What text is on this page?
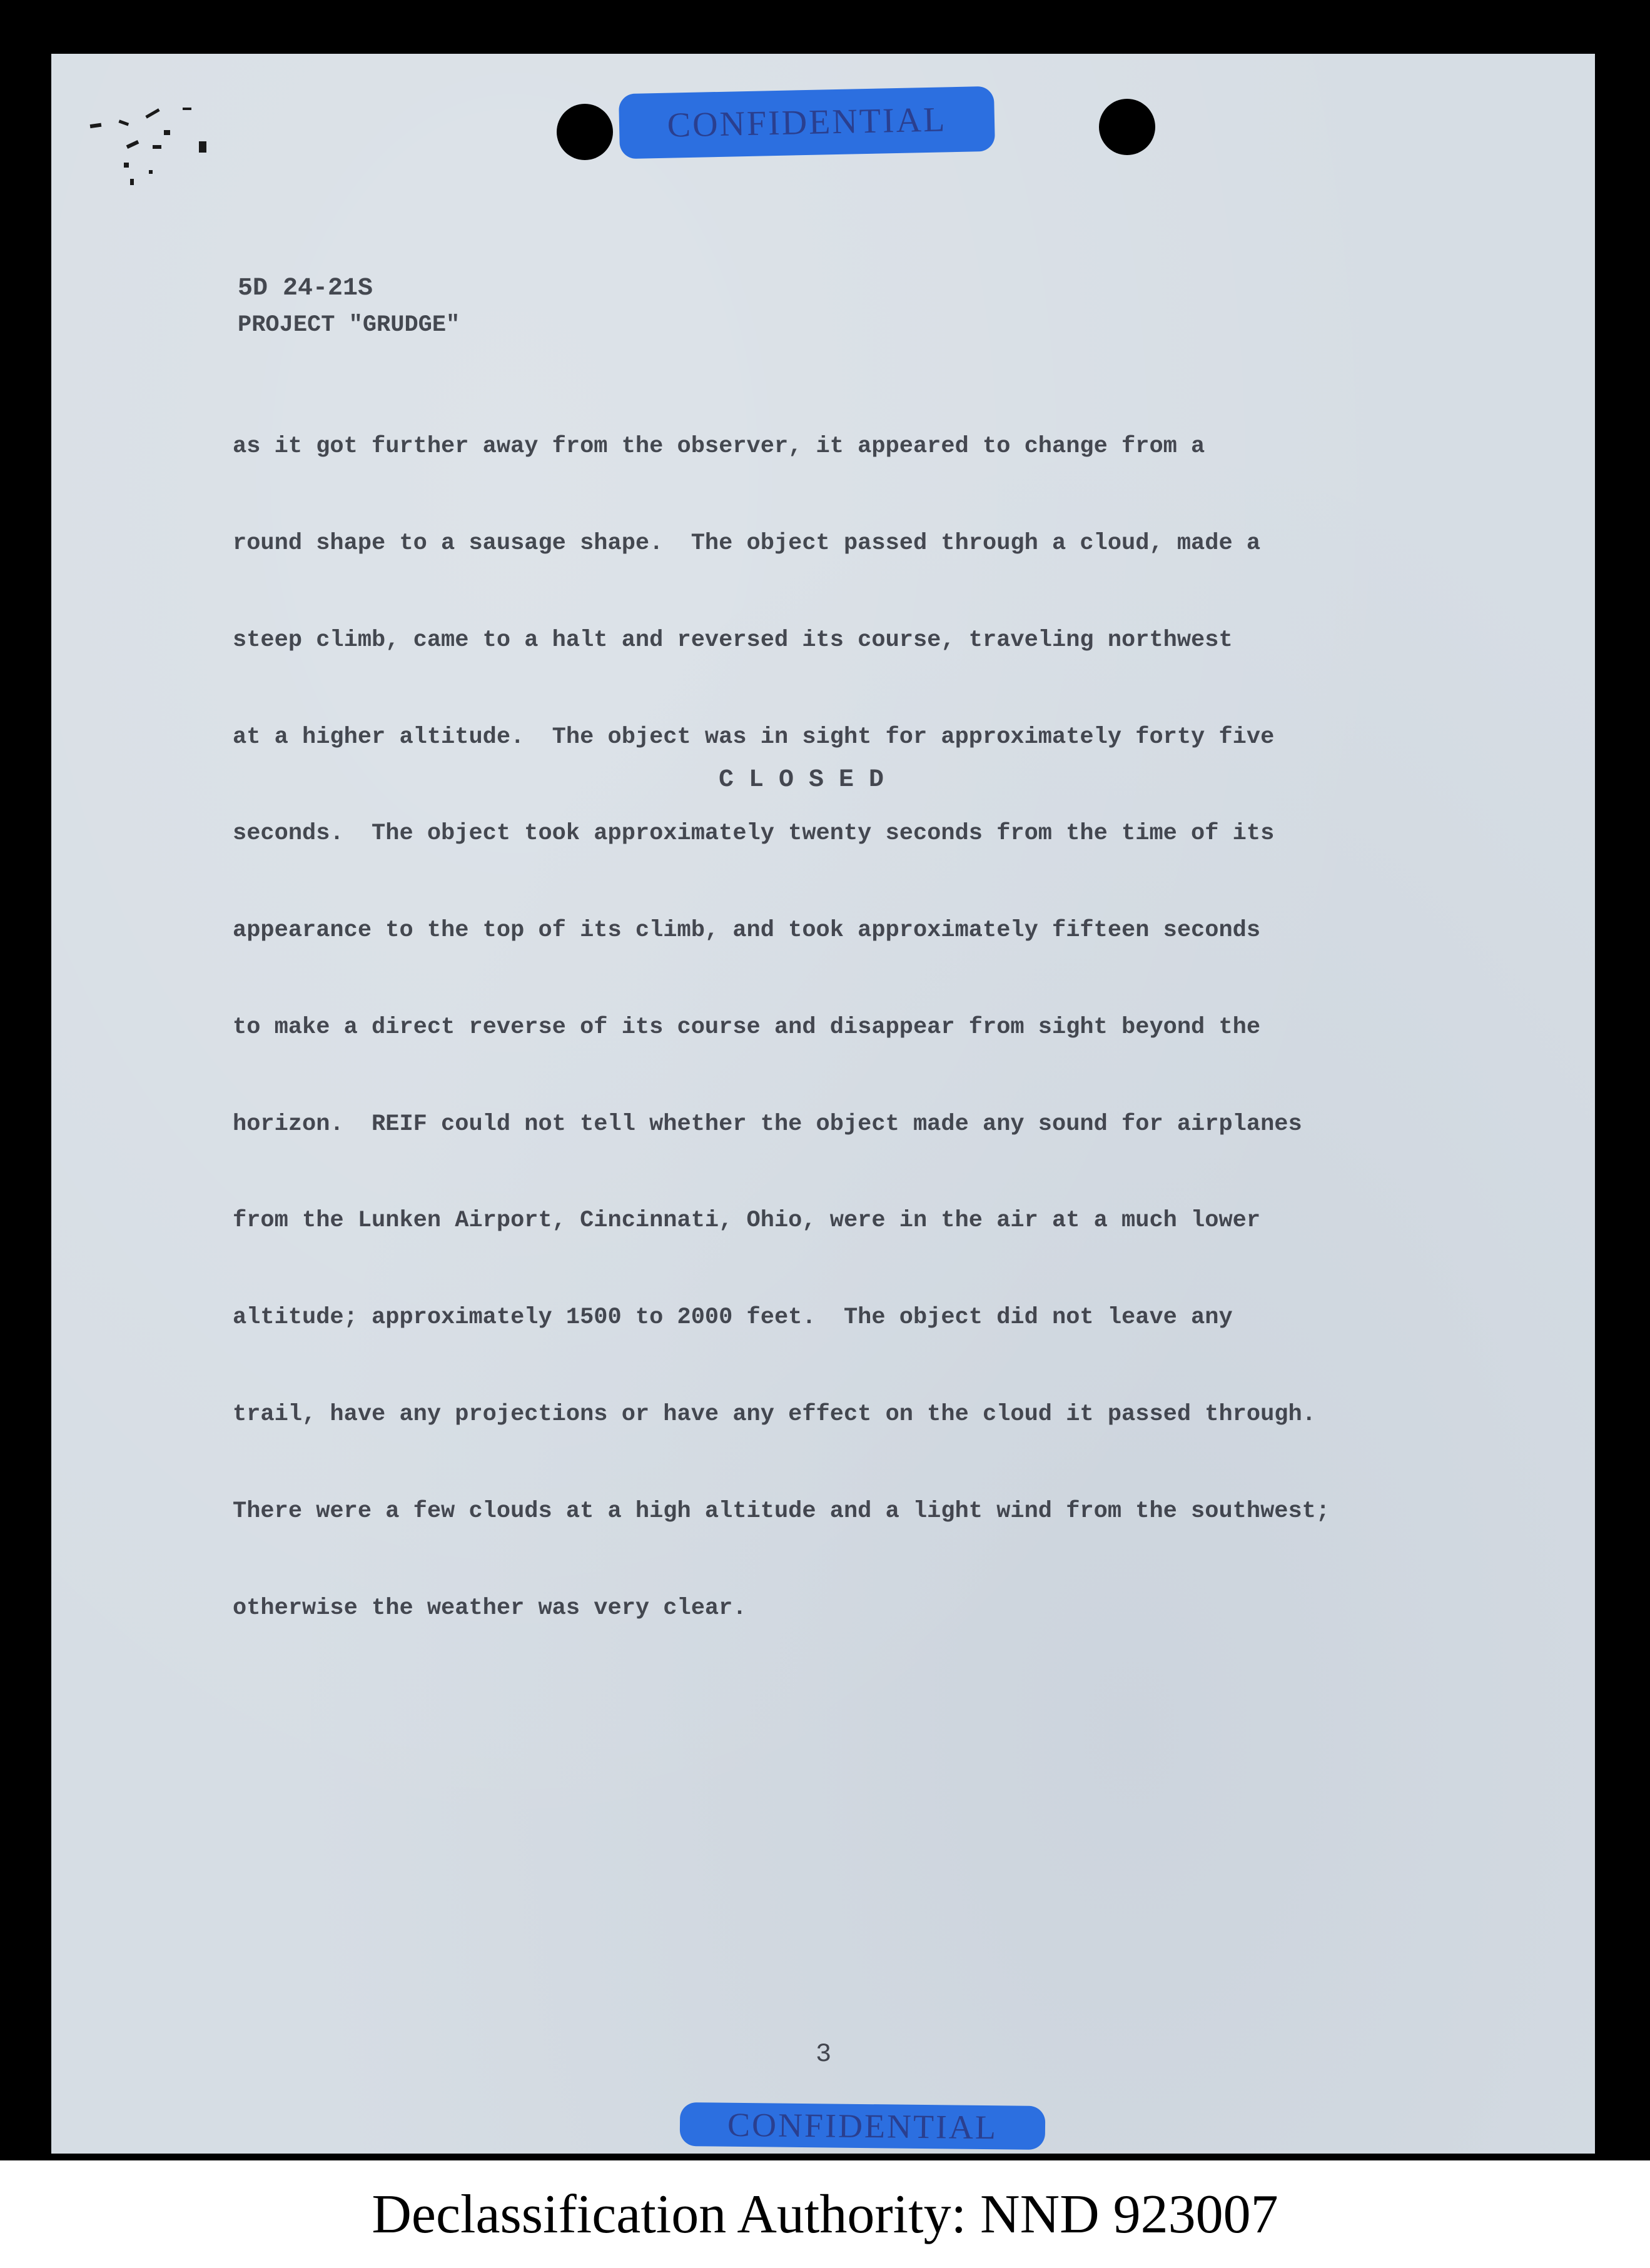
CONFIDENTIAL
5D 24-21S
PROJECT "GRUDGE"

as it got further away from the observer, it appeared to change from a

round shape to a sausage shape.  The object passed through a cloud, made a

steep climb, came to a halt and reversed its course, traveling northwest

at a higher altitude.  The object was in sight for approximately forty five

seconds.  The object took approximately twenty seconds from the time of its

appearance to the top of its climb, and took approximately fifteen seconds

to make a direct reverse of its course and disappear from sight beyond the

horizon.  REIF could not tell whether the object made any sound for airplanes

from the Lunken Airport, Cincinnati, Ohio, were in the air at a much lower

altitude; approximately 1500 to 2000 feet.  The object did not leave any

trail, have any projections or have any effect on the cloud it passed through.

There were a few clouds at a high altitude and a light wind from the southwest;

otherwise the weather was very clear.

C L O S E D
3
CONFIDENTIAL
Declassification Authority: NND 923007
